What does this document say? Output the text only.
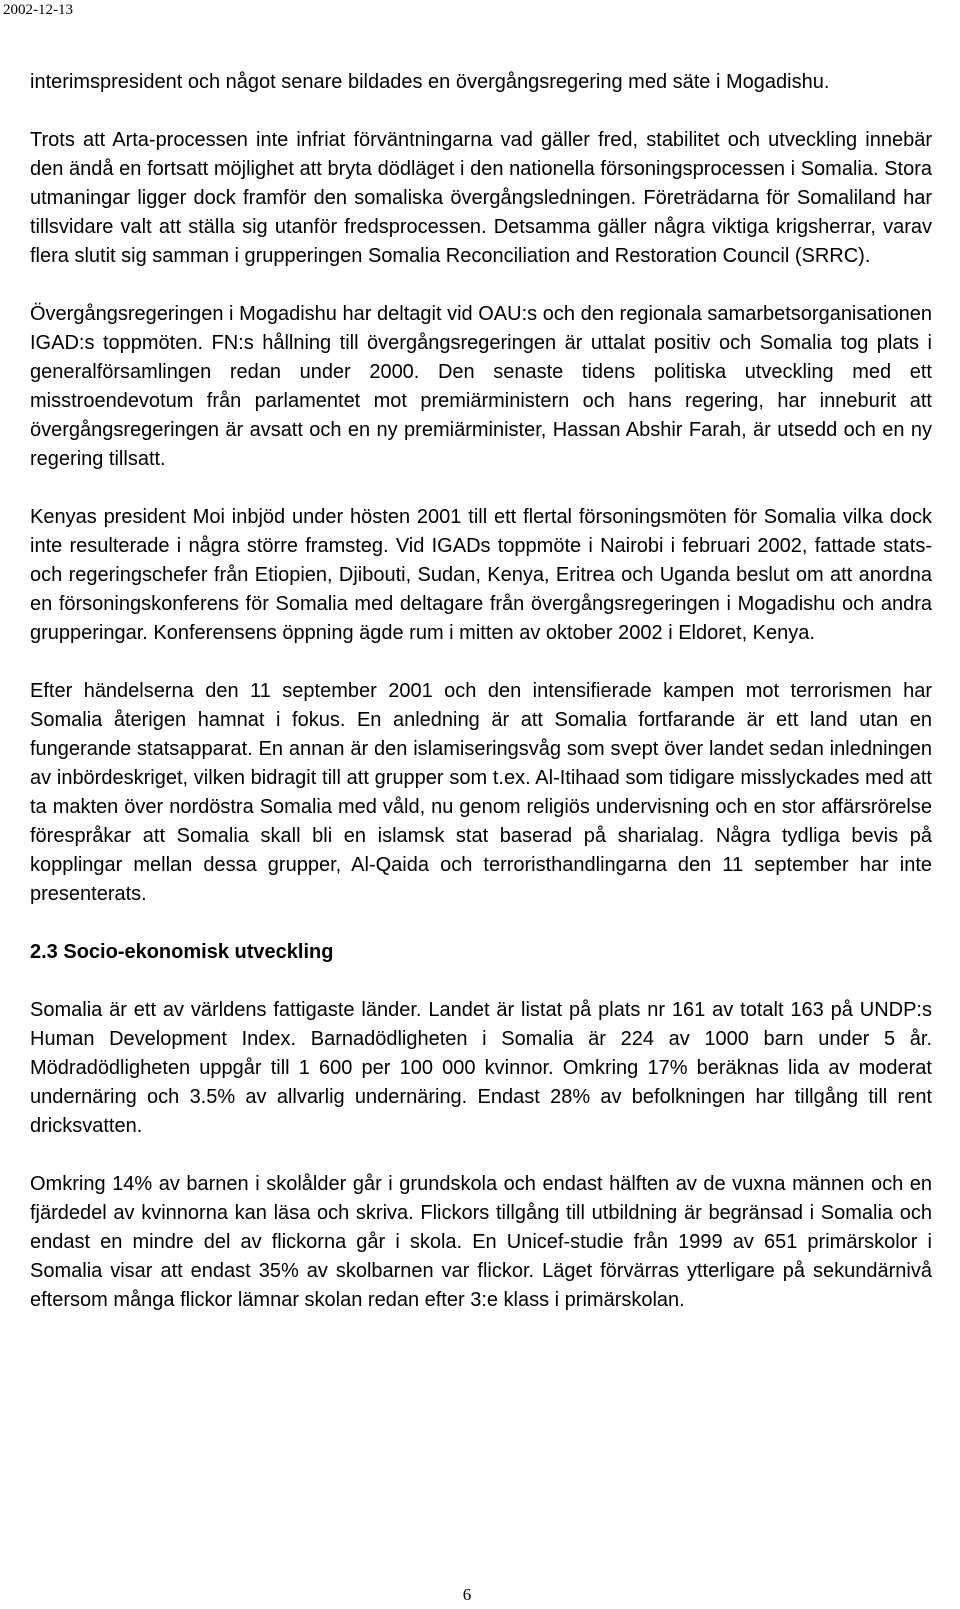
2002-12-13

interimspresident och något senare bildades en övergångsregering med säte i Mogadishu.

Trots att Arta-processen inte infriat förväntningarna vad gäller fred, stabilitet och utveckling innebär den ändå en fortsatt möjlighet att bryta dödläget i den nationella försoningsprocessen i Somalia. Stora utmaningar ligger dock framför den somaliska övergångsledningen. Företrädarna för Somaliland har tillsvidare valt att ställa sig utanför fredsprocessen. Detsamma gäller några viktiga krigsherrar, varav flera slutit sig samman i grupperingen Somalia Reconciliation and Restoration Council (SRRC).

Övergångsregeringen i Mogadishu har deltagit vid OAU:s och den regionala samarbetsorganisationen IGAD:s toppmöten. FN:s hållning till övergångsregeringen är uttalat positiv och Somalia tog plats i generalförsamlingen redan under 2000. Den senaste tidens politiska utveckling med ett misstroendevotum från parlamentet mot premiärministern och hans regering, har inneburit att övergångsregeringen är avsatt och en ny premiärminister, Hassan Abshir Farah, är utsedd och en ny regering tillsatt.

Kenyas president Moi inbjöd under hösten 2001 till ett flertal försoningsmöten för Somalia vilka dock inte resulterade i några större framsteg. Vid IGADs toppmöte i Nairobi i februari 2002, fattade stats- och regeringschefer från Etiopien, Djibouti, Sudan, Kenya, Eritrea och Uganda beslut om att anordna en försoningskonferens för Somalia med deltagare från övergångsregeringen i Mogadishu och andra grupperingar. Konferensens öppning ägde rum i mitten av oktober 2002 i Eldoret, Kenya.

Efter händelserna den 11 september 2001 och den intensifierade kampen mot terrorismen har Somalia återigen hamnat i fokus. En anledning är att Somalia fortfarande är ett land utan en fungerande statsapparat. En annan är den islamiseringsvåg som svept över landet sedan inledningen av inbördeskriget, vilken bidragit till att grupper som t.ex. Al-Itihaad som tidigare misslyckades med att ta makten över nordöstra Somalia med våld, nu genom religiös undervisning och en stor affärsrörelse förespråkar att Somalia skall bli en islamsk stat baserad på sharialag. Några tydliga bevis på kopplingar mellan dessa grupper, Al-Qaida och terroristhandlingarna den 11 september har inte presenterats.

2.3 Socio-ekonomisk utveckling

Somalia är ett av världens fattigaste länder. Landet är listat på plats nr 161 av totalt 163 på UNDP:s Human Development Index. Barnadödligheten i Somalia är 224 av 1000 barn under 5 år. Mödradödligheten uppgår till 1 600 per 100 000 kvinnor. Omkring 17% beräknas lida av moderat undernäring och 3.5% av allvarlig undernäring. Endast 28% av befolkningen har tillgång till rent dricksvatten.

Omkring 14% av barnen i skolålder går i grundskola och endast hälften av de vuxna männen och en fjärdedel av kvinnorna kan läsa och skriva. Flickors tillgång till utbildning är begränsad i Somalia och endast en mindre del av flickorna går i skola. En Unicef-studie från 1999 av 651 primärskolor i Somalia visar att endast 35% av skolbarnen var flickor. Läget förvärras ytterligare på sekundärnivå eftersom många flickor lämnar skolan redan efter 3:e klass i primärskolan.

6
